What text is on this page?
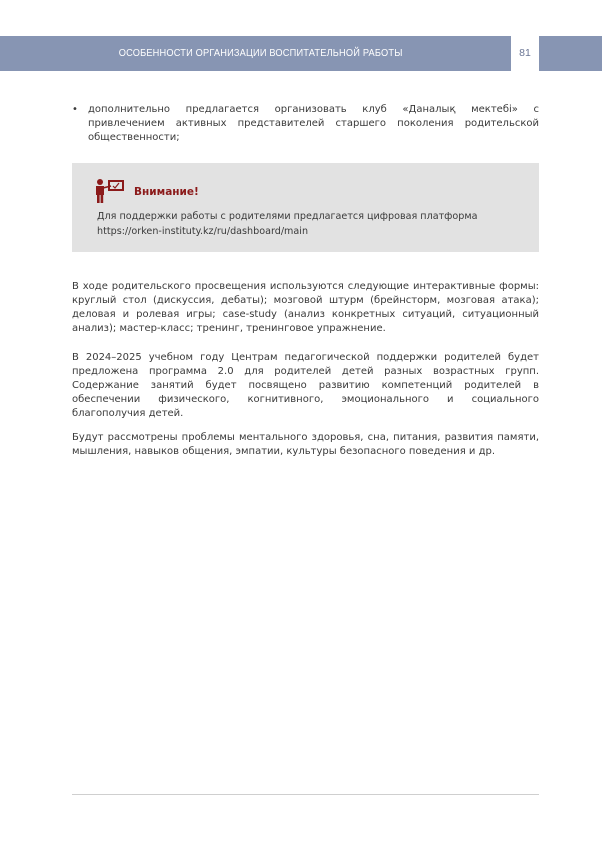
ОСОБЕННОСТИ ОРГАНИЗАЦИИ ВОСПИТАТЕЛЬНОЙ РАБОТЫ	81
•	дополнительно предлагается организовать клуб «Даналық мектебі» с привлечением активных представителей старшего поколения родительской общественности;
Внимание!
Для поддержки работы с родителями предлагается цифровая платформа https://orken-instituty.kz/ru/dashboard/main

В ходе родительского просвещения используются следующие интерактивные формы: круглый стол (дискуссия, дебаты); мозговой штурм (брейнсторм, мозговая атака); деловая и ролевая игры; case-study (анализ конкретных ситуаций, ситуационный анализ); мастер-класс; тренинг, тренинговое упражнение.

В 2024–2025 учебном году Центрам педагогической поддержки родителей будет предложена программа 2.0 для родителей детей разных возрастных групп. Содержание занятий будет посвящено развитию компетенций родителей в обеспечении физического, когнитивного, эмоционального и социального благополучия детей.

Будут рассмотрены проблемы ментального здоровья, сна, питания, развития памяти, мышления, навыков общения, эмпатии, культуры безопасного поведения и др.
